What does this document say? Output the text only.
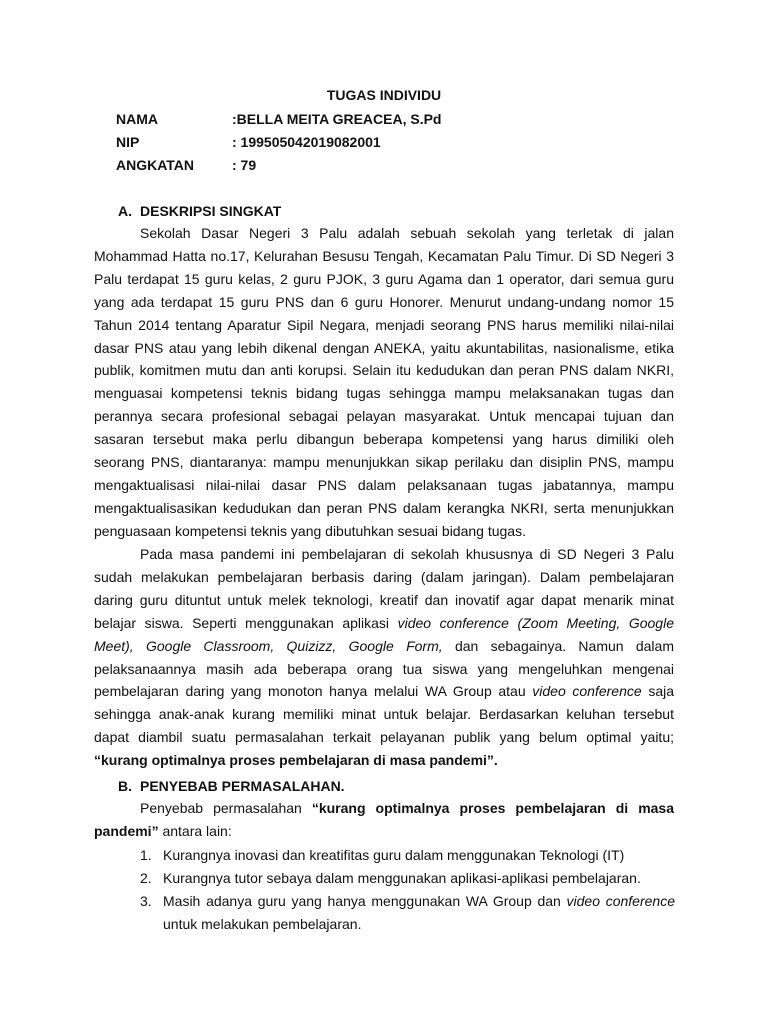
TUGAS INDIVIDU
NAMA	:BELLA MEITA GREACEA, S.Pd
NIP	: 199505042019082001
ANGKATAN	: 79
A. DESKRIPSI SINGKAT

Sekolah Dasar Negeri 3 Palu adalah sebuah sekolah yang terletak di jalan Mohammad Hatta no.17, Kelurahan Besusu Tengah, Kecamatan Palu Timur. Di SD Negeri 3 Palu terdapat 15 guru kelas, 2 guru PJOK, 3 guru Agama dan 1 operator, dari semua guru yang ada terdapat 15 guru PNS dan 6 guru Honorer. Menurut undang-undang nomor 15 Tahun 2014 tentang Aparatur Sipil Negara, menjadi seorang PNS harus memiliki nilai-nilai dasar PNS atau yang lebih dikenal dengan ANEKA, yaitu akuntabilitas, nasionalisme, etika publik, komitmen mutu dan anti korupsi. Selain itu kedudukan dan peran PNS dalam NKRI, menguasai kompetensi teknis bidang tugas sehingga mampu melaksanakan tugas dan perannya secara profesional sebagai pelayan masyarakat. Untuk mencapai tujuan dan sasaran tersebut maka perlu dibangun beberapa kompetensi yang harus dimiliki oleh seorang PNS, diantaranya: mampu menunjukkan sikap perilaku dan disiplin PNS, mampu mengaktualisasi nilai-nilai dasar PNS dalam pelaksanaan tugas jabatannya, mampu mengaktualisasikan kedudukan dan peran PNS dalam kerangka NKRI, serta menunjukkan penguasaan kompetensi teknis yang dibutuhkan sesuai bidang tugas.

Pada masa pandemi ini pembelajaran di sekolah khususnya di SD Negeri 3 Palu sudah melakukan pembelajaran berbasis daring (dalam jaringan). Dalam pembelajaran daring guru dituntut untuk melek teknologi, kreatif dan inovatif agar dapat menarik minat belajar siswa. Seperti menggunakan aplikasi video conference (Zoom Meeting, Google Meet), Google Classroom, Quizizz, Google Form, dan sebagainya. Namun dalam pelaksanaannya masih ada beberapa orang tua siswa yang mengeluhkan mengenai pembelajaran daring yang monoton hanya melalui WA Group atau video conference saja sehingga anak-anak kurang memiliki minat untuk belajar. Berdasarkan keluhan tersebut dapat diambil suatu permasalahan terkait pelayanan publik yang belum optimal yaitu; “kurang optimalnya proses pembelajaran di masa pandemi”.

B. PENYEBAB PERMASALAHAN.

Penyebab permasalahan “kurang optimalnya proses pembelajaran di masa pandemi” antara lain:

1. Kurangnya inovasi dan kreatifitas guru dalam menggunakan Teknologi (IT)
2. Kurangnya tutor sebaya dalam menggunakan aplikasi-aplikasi pembelajaran.
3. Masih adanya guru yang hanya menggunakan WA Group dan video conference untuk melakukan pembelajaran.
